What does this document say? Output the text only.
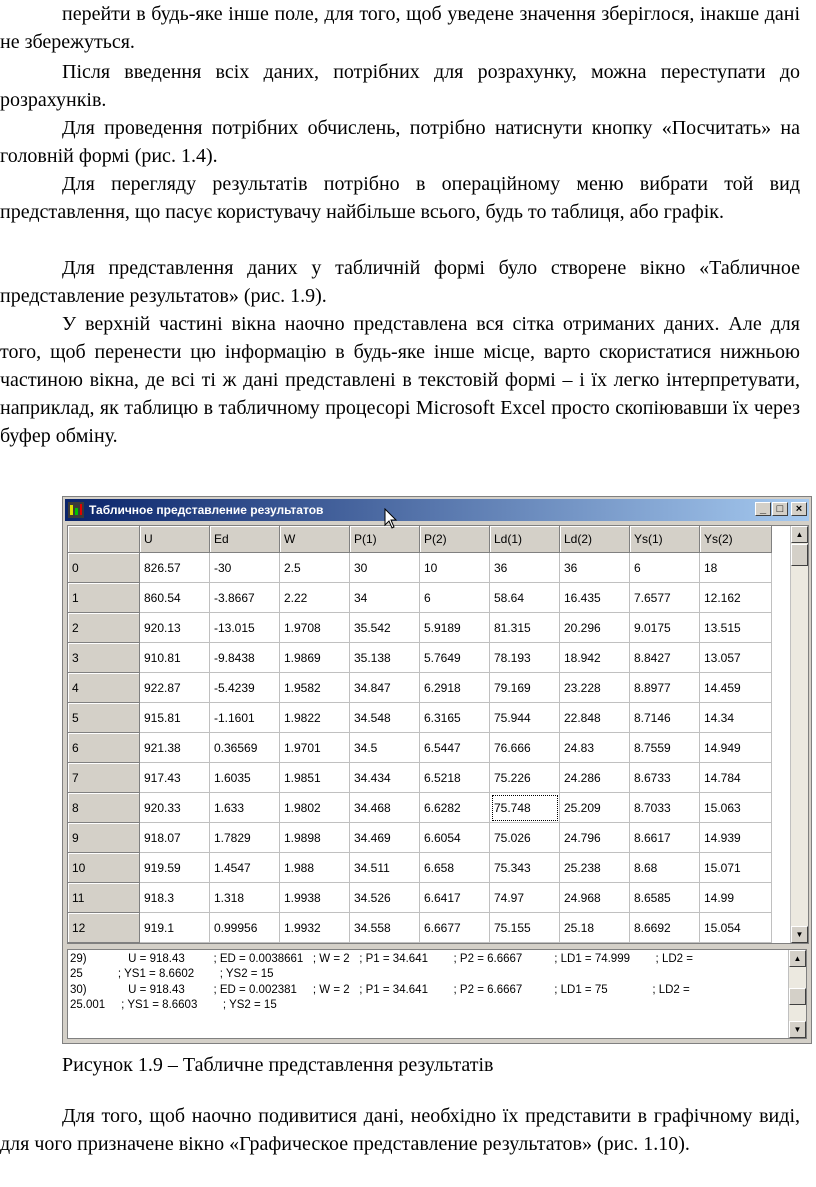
перейти в будь-яке інше поле, для того, щоб уведене значення зберіглося, інакше дані не збережуться.

Після введення всіх даних, потрібних для розрахунку, можна переступати до розрахунків.

Для проведення потрібних обчислень, потрібно натиснути кнопку «Посчитать» на головній формі (рис. 1.4).

Для перегляду результатів потрібно в операційному меню вибрати той вид представлення, що пасує користувачу найбільше всього, будь то таблиця, або графік.

Для представлення даних у табличній формі було створене вікно «Табличное представление результатов» (рис. 1.9).

У верхній частині вікна наочно представлена вся сітка отриманих даних. Але для того, щоб перенести цю інформацію в будь-яке інше місце, варто скористатися нижньою частиною вікна, де всі ті ж дані представлені в текстовій формі – і їх легко інтерпретувати, наприклад, як таблицю в табличному процесорі Microsoft Excel просто скопіювавши їх через буфер обміну.

Табличное представление результатов	_ □	×
	U	Ed	W	P(1)	P(2)	Ld(1)	Ld(2)	Ys(1)	Ys(2)
0	826.57	-30	2.5	30	10	36	36	6	18
1	860.54	-3.8667	2.22	34	6	58.64	16.435	7.6577	12.162
2	920.13	-13.015	1.9708	35.542	5.9189	81.315	20.296	9.0175	13.515
3	910.81	-9.8438	1.9869	35.138	5.7649	78.193	18.942	8.8427	13.057
4	922.87	-5.4239	1.9582	34.847	6.2918	79.169	23.228	8.8977	14.459
5	915.81	-1.1601	1.9822	34.548	6.3165	75.944	22.848	8.7146	14.34
6	921.38	0.36569	1.9701	34.5	6.5447	76.666	24.83	8.7559	14.949
7	917.43	1.6035	1.9851	34.434	6.5218	75.226	24.286	8.6733	14.784
8	920.33	1.633	1.9802	34.468	6.6282	75.748	25.209	8.7033	15.063
9	918.07	1.7829	1.9898	34.469	6.6054	75.026	24.796	8.6617	14.939
10	919.59	1.4547	1.988	34.511	6.658	75.343	25.238	8.68	15.071
11	918.3	1.318	1.9938	34.526	6.6417	74.97	24.968	8.6585	14.99
12	919.1	0.99956	1.9932	34.558	6.6677	75.155	25.18	8.6692	15.054

▲
▼
29)             U = 918.43         ; ED = 0.0038661   ; W = 2   ; P1 = 34.641        ; P2 = 6.6667          ; LD1 = 74.999        ; LD2 =
25           ; YS1 = 8.6602        ; YS2 = 15
30)             U = 918.43         ; ED = 0.002381     ; W = 2   ; P1 = 34.641        ; P2 = 6.6667          ; LD1 = 75              ; LD2 =
25.001     ; YS1 = 8.6603        ; YS2 = 15
▲
▼
Рисунок 1.9 – Табличне представлення результатів

Для того, щоб наочно подивитися дані, необхідно їх представити в графічному виді, для чого призначене вікно «Графическое представление результатов» (рис. 1.10).
